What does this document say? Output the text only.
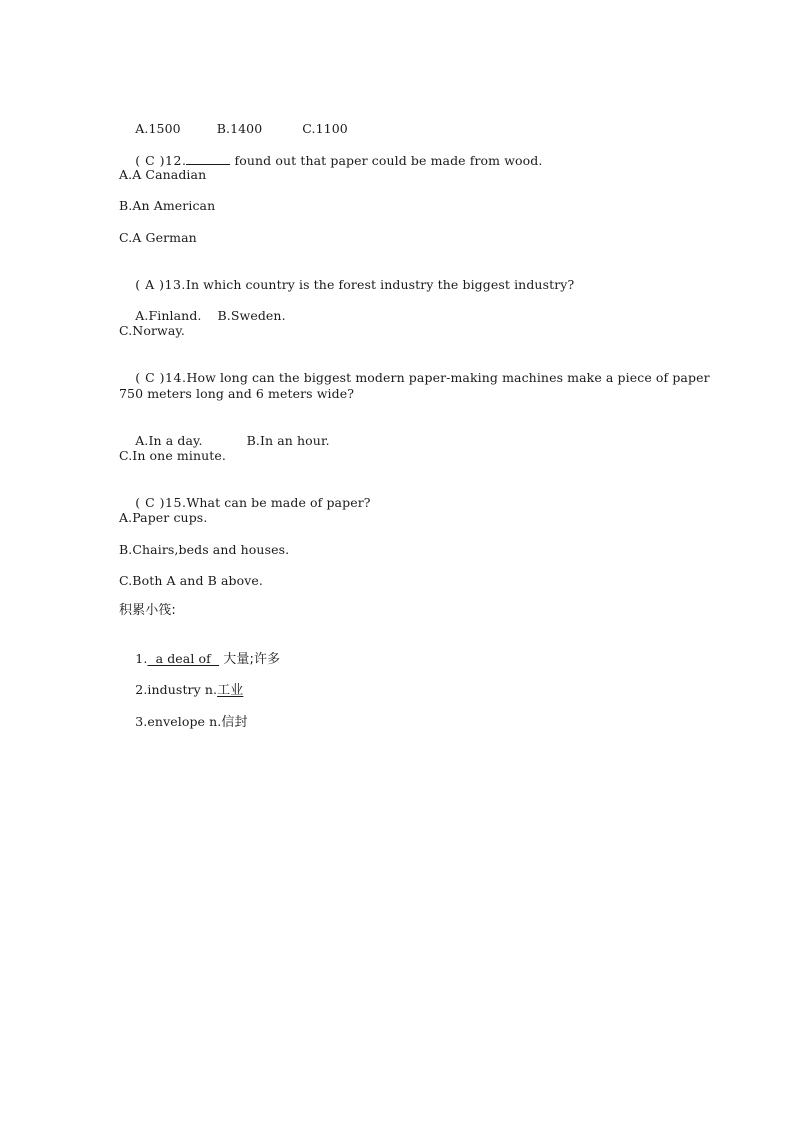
A.1500	B.1400	C.1100

( C )12.	found out that paper could be made from wood.

A.A Canadian
B.An American
C.A German

( A )13.In which country is the forest industry the biggest industry?

A.Finland. B.Sweden.

C.Norway.

( C )14.How long can the biggest modern paper-making machines make a piece of paper

750 meters long and 6 meters wide?

A.In a day.	B.In an hour.

C.In one minute.

( C )15.What can be made of paper?

A.Paper cups.
B.Chairs,beds and houses.
C.Both A and B above.
积累小筏:

1.  a deal of   大量;许多

2.industry n.工业

3.envelope n.信封
